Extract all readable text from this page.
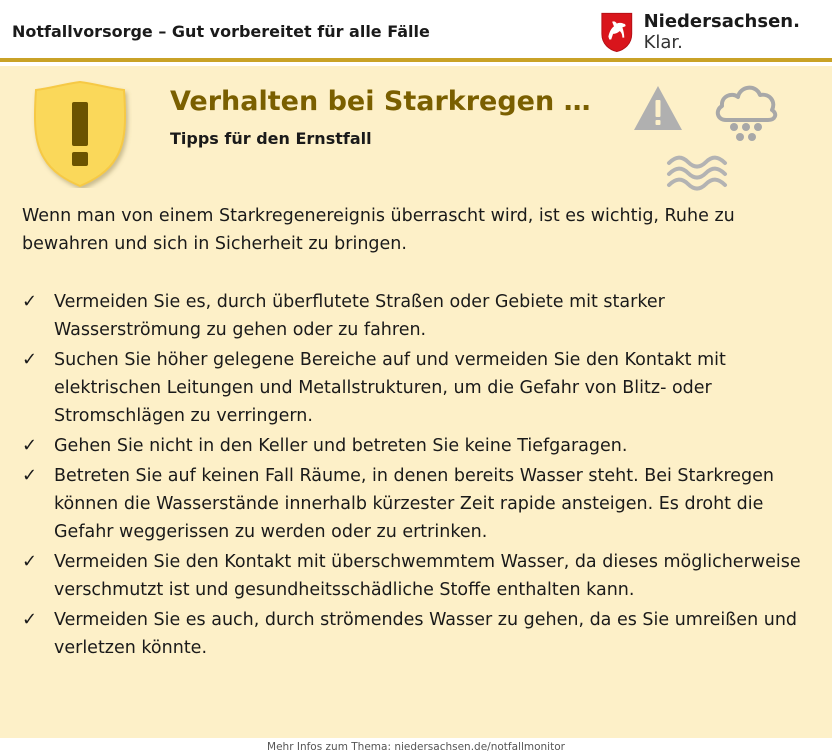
Notfallvorsorge – Gut vorbereitet für alle Fälle	Niedersachsen. Klar.
Verhalten bei Starkregen …
Tipps für den Ernstfall

Wenn man von einem Starkregenereignis überrascht wird, ist es wichtig, Ruhe zu bewahren und sich in Sicherheit zu bringen.

✓ Vermeiden Sie es, durch überflutete Straßen oder Gebiete mit starker Wasserströmung zu gehen oder zu fahren.
✓ Suchen Sie höher gelegene Bereiche auf und vermeiden Sie den Kontakt mit elektrischen Leitungen und Metallstrukturen, um die Gefahr von Blitz- oder Stromschlägen zu verringern.
✓ Gehen Sie nicht in den Keller und betreten Sie keine Tiefgaragen.
✓ Betreten Sie auf keinen Fall Räume, in denen bereits Wasser steht. Bei Starkregen können die Wasserstände innerhalb kürzester Zeit rapide ansteigen. Es droht die Gefahr weggerissen zu werden oder zu ertrinken.
✓ Vermeiden Sie den Kontakt mit überschwemmtem Wasser, da dieses möglicherweise verschmutzt ist und gesundheitsschädliche Stoffe enthalten kann.
✓ Vermeiden Sie es auch, durch strömendes Wasser zu gehen, da es Sie umreißen und verletzen könnte.
Mehr Infos zum Thema: niedersachsen.de/notfallmonitor
